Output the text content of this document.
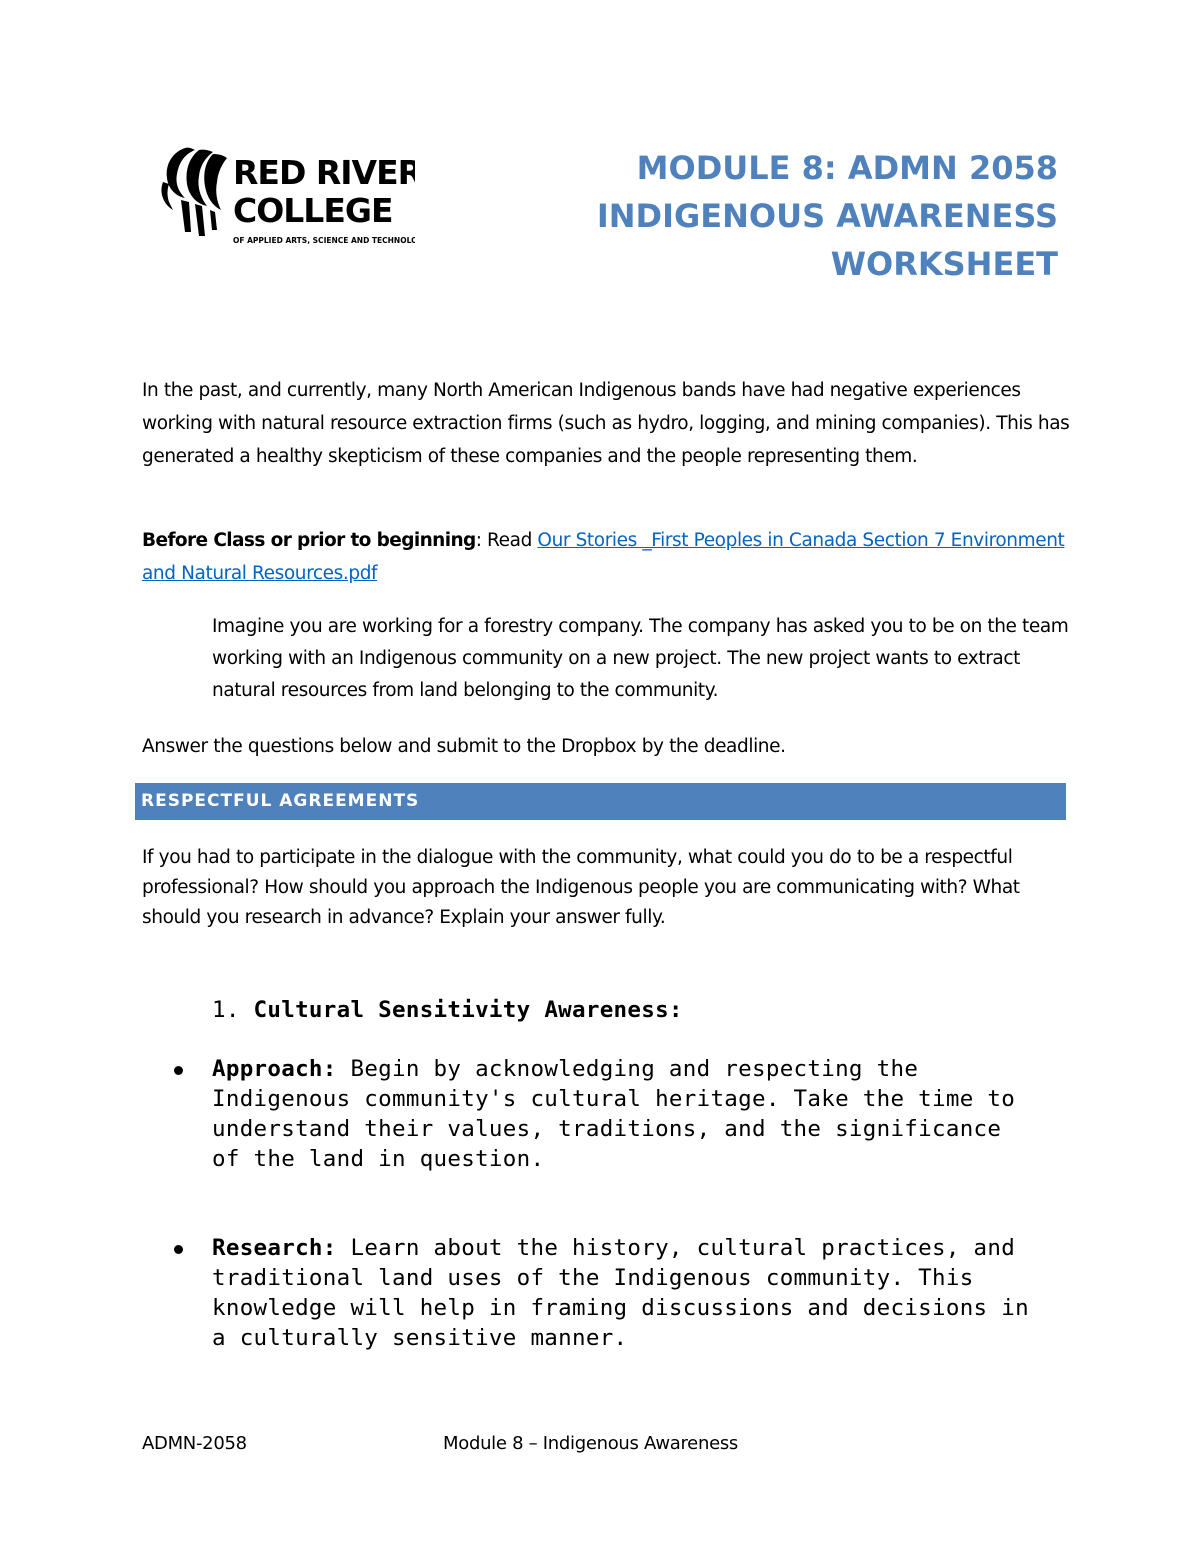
RED RIVER
COLLEGE
OF APPLIED ARTS, SCIENCE AND TECHNOLOGY
MODULE 8: ADMN 2058
INDIGENOUS AWARENESS
WORKSHEET
In the past, and currently, many North American Indigenous bands have had negative experiences working with natural resource extraction firms (such as hydro, logging, and mining companies). This has generated a healthy skepticism of these companies and the people representing them.
Before Class or prior to beginning: Read Our Stories _First Peoples in Canada Section 7 Environment and Natural Resources.pdf
Imagine you are working for a forestry company. The company has asked you to be on the team working with an Indigenous community on a new project. The new project wants to extract natural resources from land belonging to the community.
Answer the questions below and submit to the Dropbox by the deadline.
RESPECTFUL AGREEMENTS
If you had to participate in the dialogue with the community, what could you do to be a respectful professional? How should you approach the Indigenous people you are communicating with? What should you research in advance? Explain your answer fully.
1. Cultural Sensitivity Awareness:
Approach: Begin by acknowledging and respecting the Indigenous community's cultural heritage. Take the time to understand their values, traditions, and the significance of the land in question.
Research: Learn about the history, cultural practices, and traditional land uses of the Indigenous community. This knowledge will help in framing discussions and decisions in a culturally sensitive manner.
ADMN-2058	Module 8 – Indigenous Awareness
